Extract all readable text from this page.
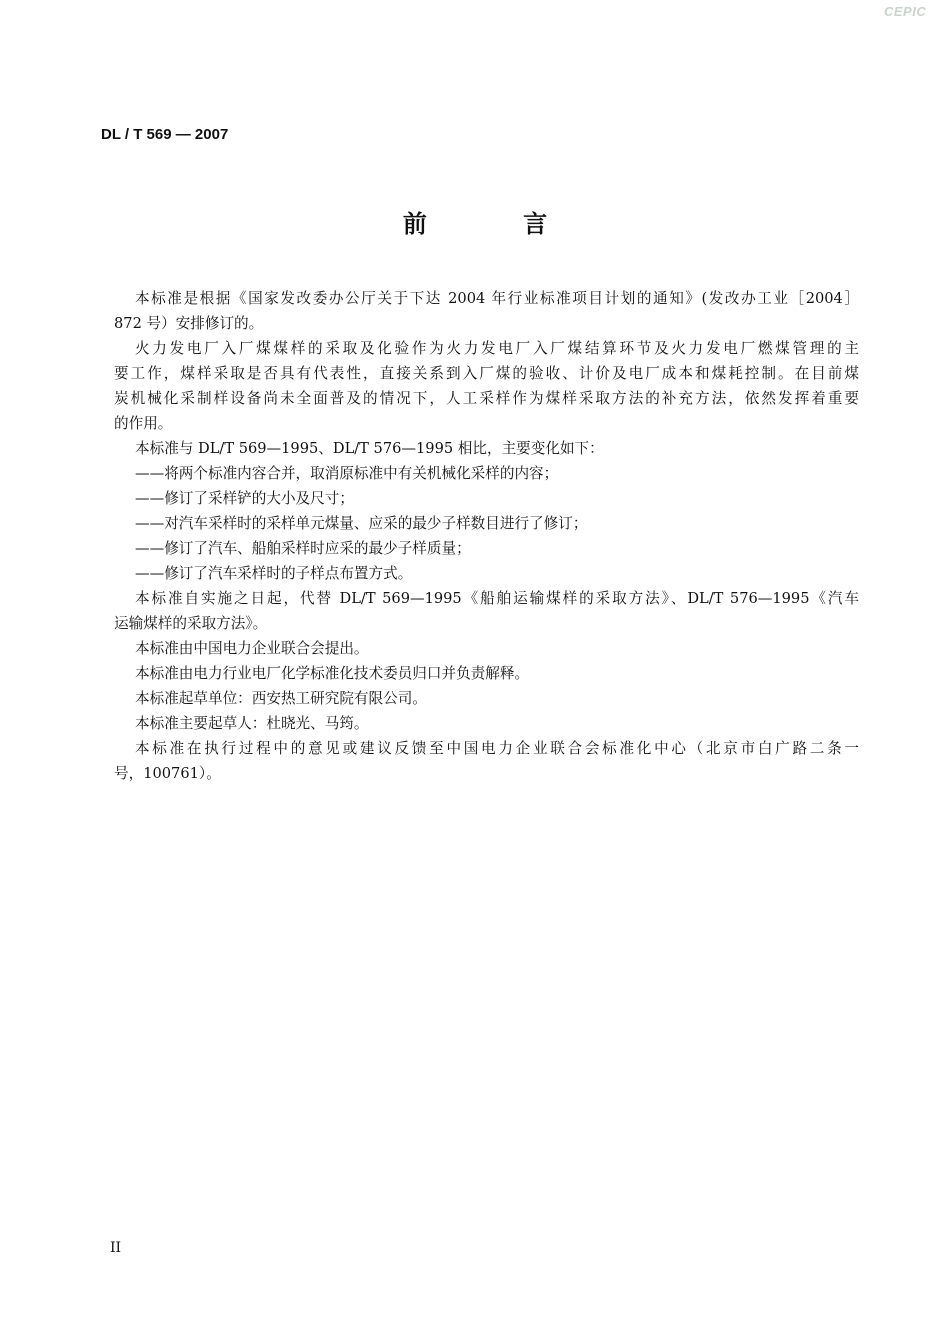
CEPIC
DL / T 569 — 2007
前 言
本标准是根据《国家发改委办公厅关于下达 2004 年行业标准项目计划的通知》(发改办工业［2004］
872 号）安排修订的。
火力发电厂入厂煤煤样的采取及化验作为火力发电厂入厂煤结算环节及火力发电厂燃煤管理的主
要工作，煤样采取是否具有代表性，直接关系到入厂煤的验收、计价及电厂成本和煤耗控制。在目前煤
炭机械化采制样设备尚未全面普及的情况下，人工采样作为煤样采取方法的补充方法，依然发挥着重要
的作用。
本标准与 DL/T 569—1995、DL/T 576—1995 相比，主要变化如下：
——将两个标准内容合并，取消原标准中有关机械化采样的内容；
——修订了采样铲的大小及尺寸；
——对汽车采样时的采样单元煤量、应采的最少子样数目进行了修订；
——修订了汽车、船舶采样时应采的最少子样质量；
——修订了汽车采样时的子样点布置方式。
本标准自实施之日起，代替 DL/T 569—1995《船舶运输煤样的采取方法》、DL/T 576—1995《汽车
运输煤样的采取方法》。
本标准由中国电力企业联合会提出。
本标准由电力行业电厂化学标准化技术委员归口并负责解释。
本标准起草单位：西安热工研究院有限公司。
本标准主要起草人：杜晓光、马筠。
本标准在执行过程中的意见或建议反馈至中国电力企业联合会标准化中心（北京市白广路二条一
号，100761）。
II
